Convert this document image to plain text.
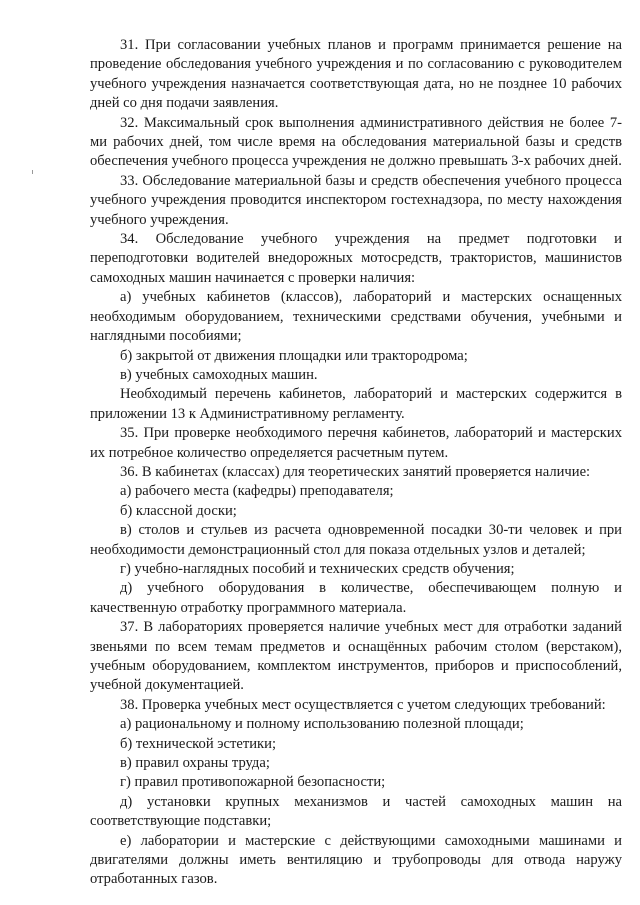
31. При согласовании учебных планов и программ принимается решение на проведение обследования учебного учреждения и по согласованию с руководителем учебного учреждения назначается соответствующая дата, но не позднее 10 рабочих дней со дня подачи заявления.

32. Максимальный срок выполнения административного действия не более 7-ми рабочих дней, том числе время на обследования материальной базы и средств обеспечения учебного процесса учреждения не должно превышать 3-х рабочих дней.

33. Обследование материальной базы и средств обеспечения учебного процесса учебного учреждения проводится инспектором гостехнадзора, по месту нахождения учебного учреждения.

34. Обследование учебного учреждения на предмет подготовки и переподготовки водителей внедорожных мотосредств, трактористов, машинистов самоходных машин начинается с проверки наличия:

а) учебных кабинетов (классов), лабораторий и мастерских оснащенных необходимым оборудованием, техническими средствами обучения, учебными и наглядными пособиями;

б) закрытой от движения площадки или трактородрома;

в) учебных самоходных машин.

Необходимый перечень кабинетов, лабораторий и мастерских содержится в приложении 13 к Административному регламенту.

35. При проверке необходимого перечня кабинетов, лабораторий и мастерских их потребное количество определяется расчетным путем.

36. В кабинетах (классах) для теоретических занятий проверяется наличие:

а) рабочего места (кафедры) преподавателя;

б) классной доски;

в) столов и стульев из расчета одновременной посадки 30-ти человек и при необходимости демонстрационный стол для показа отдельных узлов и деталей;

г) учебно-наглядных пособий и технических средств обучения;

д) учебного оборудования в количестве, обеспечивающем полную и качественную отработку программного материала.

37. В лабораториях проверяется наличие учебных мест для отработки заданий звеньями по всем темам предметов и оснащённых рабочим столом (верстаком), учебным оборудованием, комплектом инструментов, приборов и приспособлений, учебной документацией.

38. Проверка учебных мест осуществляется с учетом следующих требований:

а) рациональному и полному использованию полезной площади;

б) технической эстетики;

в) правил охраны труда;

г) правил противопожарной безопасности;

д) установки крупных механизмов и частей самоходных машин на соответствующие подставки;

е) лаборатории и мастерские с действующими самоходными машинами и двигателями должны иметь вентиляцию и трубопроводы для отвода наружу отработанных газов.
